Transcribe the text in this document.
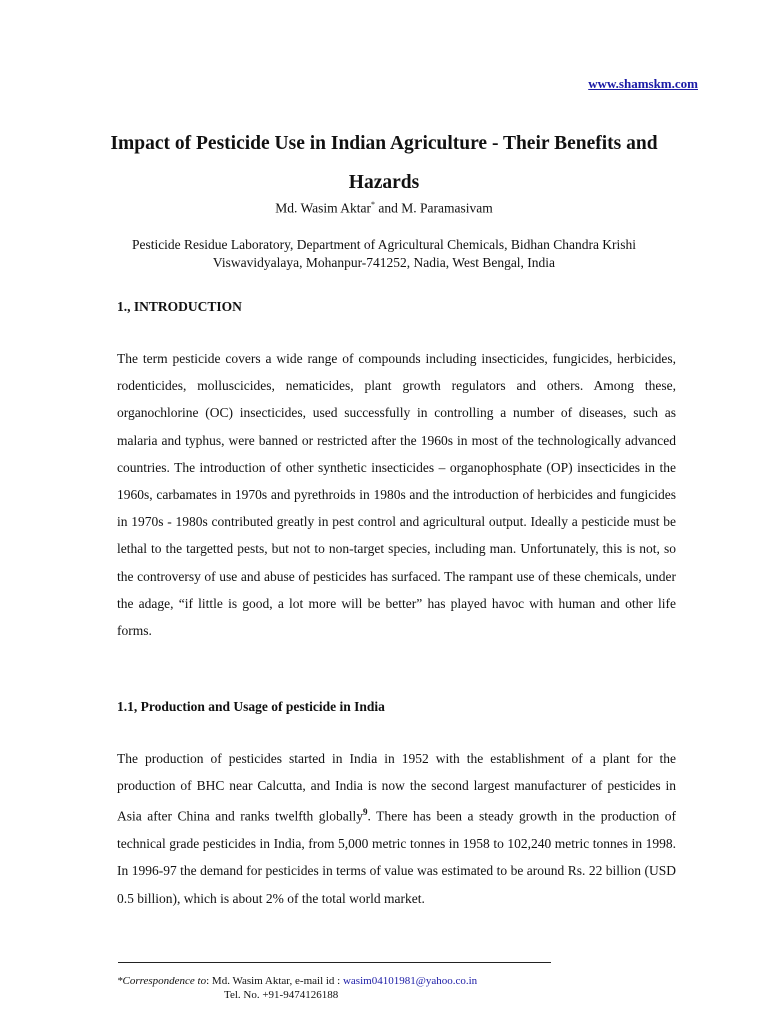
www.shamskm.com
Impact of Pesticide Use in Indian Agriculture - Their Benefits and Hazards
Md. Wasim Aktar* and M. Paramasivam
Pesticide Residue Laboratory, Department of Agricultural Chemicals, Bidhan Chandra Krishi Viswavidyalaya, Mohanpur-741252, Nadia, West Bengal, India
1., INTRODUCTION

The term pesticide covers a wide range of compounds including insecticides, fungicides, herbicides, rodenticides, molluscicides, nematicides, plant growth regulators and others. Among these, organochlorine (OC) insecticides, used successfully in controlling a number of diseases, such as malaria and typhus, were banned or restricted after the 1960s in most of the technologically advanced countries. The introduction of other synthetic insecticides – organophosphate (OP) insecticides in the 1960s, carbamates in 1970s and pyrethroids in 1980s and the introduction of herbicides and fungicides in 1970s - 1980s contributed greatly in pest control and agricultural output. Ideally a pesticide must be lethal to the targetted pests, but not to non-target species, including man. Unfortunately, this is not, so the controversy of use and abuse of pesticides has surfaced. The rampant use of these chemicals, under the adage, “if little is good, a lot more will be better” has played havoc with human and other life forms.

1.1, Production and Usage of pesticide in India

The production of pesticides started in India in 1952 with the establishment of a plant for the production of BHC near Calcutta, and India is now the second largest manufacturer of pesticides in Asia after China and ranks twelfth globally$^9$. There has been a steady growth in the production of technical grade pesticides in India, from 5,000 metric tonnes in 1958 to 102,240 metric tonnes in 1998. In 1996-97 the demand for pesticides in terms of value was estimated to be around Rs. 22 billion (USD 0.5 billion), which is about 2% of the total world market.

*Correspondence to: Md. Wasim Aktar, e-mail id : wasim04101981@yahoo.co.in
Tel. No. +91-9474126188
